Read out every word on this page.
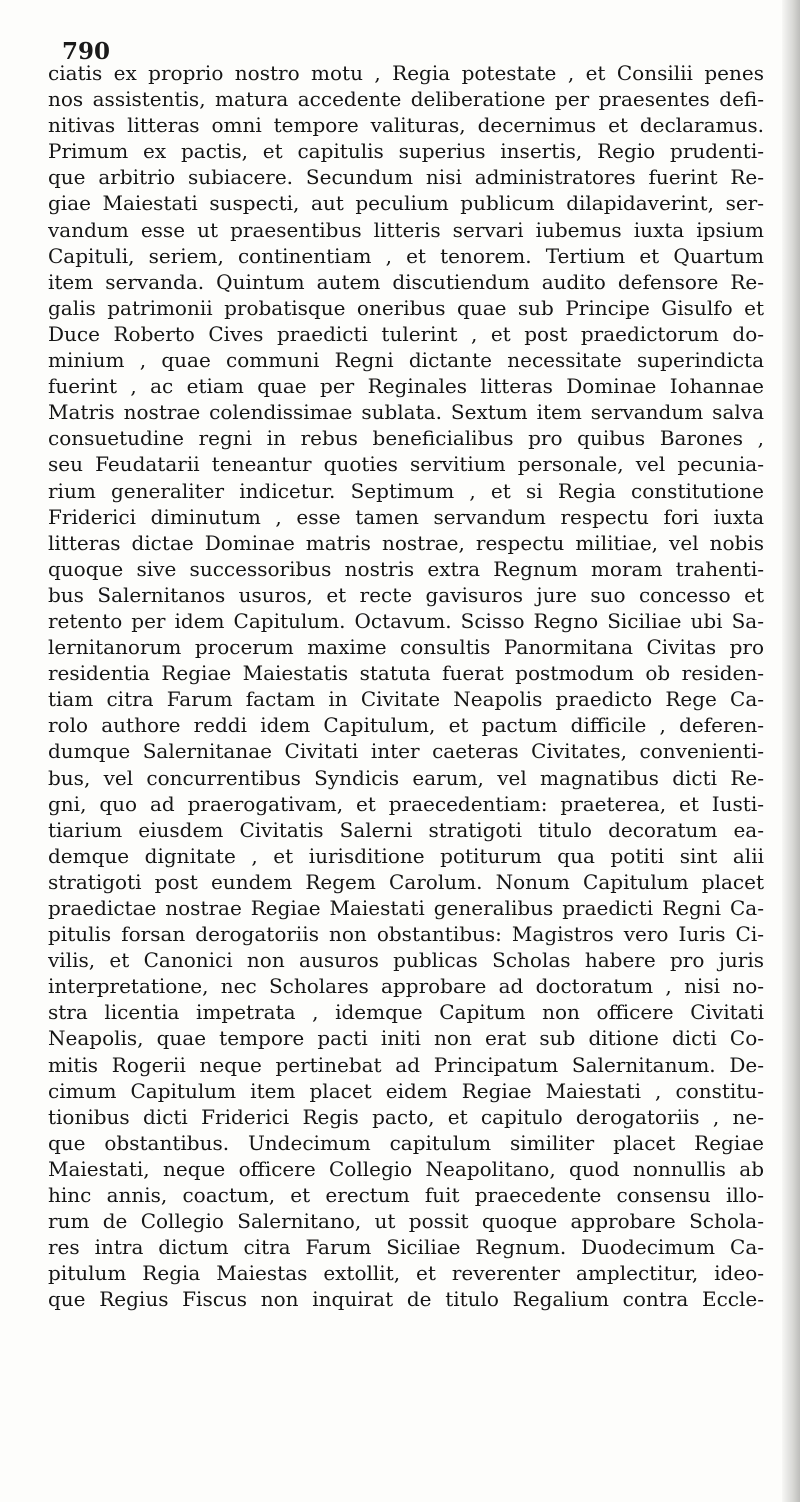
790
ciatis ex proprio nostro motu , Regia potestate , et Consilii penes
nos assistentis, matura accedente deliberatione per praesentes defi-
nitivas litteras omni tempore valituras, decernimus et declaramus.
Primum ex pactis, et capitulis superius insertis, Regio prudenti-
que arbitrio subiacere. Secundum nisi administratores fuerint Re-
giae Maiestati suspecti, aut peculium publicum dilapidaverint, ser-
vandum esse ut praesentibus litteris servari iubemus iuxta ipsium
Capituli, seriem, continentiam , et tenorem. Tertium et Quartum
item servanda. Quintum autem discutiendum audito defensore Re-
galis patrimonii probatisque oneribus quae sub Principe Gisulfo et
Duce Roberto Cives praedicti tulerint , et post praedictorum do-
minium , quae communi Regni dictante necessitate superindicta
fuerint , ac etiam quae per Reginales litteras Dominae Iohannae
Matris nostrae colendissimae sublata. Sextum item servandum salva
consuetudine regni in rebus beneficialibus pro quibus Barones ,
seu Feudatarii teneantur quoties servitium personale, vel pecunia-
rium generaliter indicetur. Septimum , et si Regia constitutione
Friderici diminutum , esse tamen servandum respectu fori iuxta
litteras dictae Dominae matris nostrae, respectu militiae, vel nobis
quoque sive successoribus nostris extra Regnum moram trahenti-
bus Salernitanos usuros, et recte gavisuros jure suo concesso et
retento per idem Capitulum. Octavum. Scisso Regno Siciliae ubi Sa-
lernitanorum procerum maxime consultis Panormitana Civitas pro
residentia Regiae Maiestatis statuta fuerat postmodum ob residen-
tiam citra Farum factam in Civitate Neapolis praedicto Rege Ca-
rolo authore reddi idem Capitulum, et pactum difficile , deferen-
dumque Salernitanae Civitati inter caeteras Civitates, convenienti-
bus, vel concurrentibus Syndicis earum, vel magnatibus dicti Re-
gni, quo ad praerogativam, et praecedentiam: praeterea, et Iusti-
tiarium eiusdem Civitatis Salerni stratigoti titulo decoratum ea-
demque dignitate , et iurisditione potiturum qua potiti sint alii
stratigoti post eundem Regem Carolum. Nonum Capitulum placet
praedictae nostrae Regiae Maiestati generalibus praedicti Regni Ca-
pitulis forsan derogatoriis non obstantibus: Magistros vero Iuris Ci-
vilis, et Canonici non ausuros publicas Scholas habere pro juris
interpretatione, nec Scholares approbare ad doctoratum , nisi no-
stra licentia impetrata , idemque Capitum non officere Civitati
Neapolis, quae tempore pacti initi non erat sub ditione dicti Co-
mitis Rogerii neque pertinebat ad Principatum Salernitanum. De-
cimum Capitulum item placet eidem Regiae Maiestati , constitu-
tionibus dicti Friderici Regis pacto, et capitulo derogatoriis , ne-
que obstantibus. Undecimum capitulum similiter placet Regiae
Maiestati, neque officere Collegio Neapolitano, quod nonnullis ab
hinc annis, coactum, et erectum fuit praecedente consensu illo-
rum de Collegio Salernitano, ut possit quoque approbare Schola-
res intra dictum citra Farum Siciliae Regnum. Duodecimum Ca-
pitulum Regia Maiestas extollit, et reverenter amplectitur, ideo-
que Regius Fiscus non inquirat de titulo Regalium contra Eccle-
